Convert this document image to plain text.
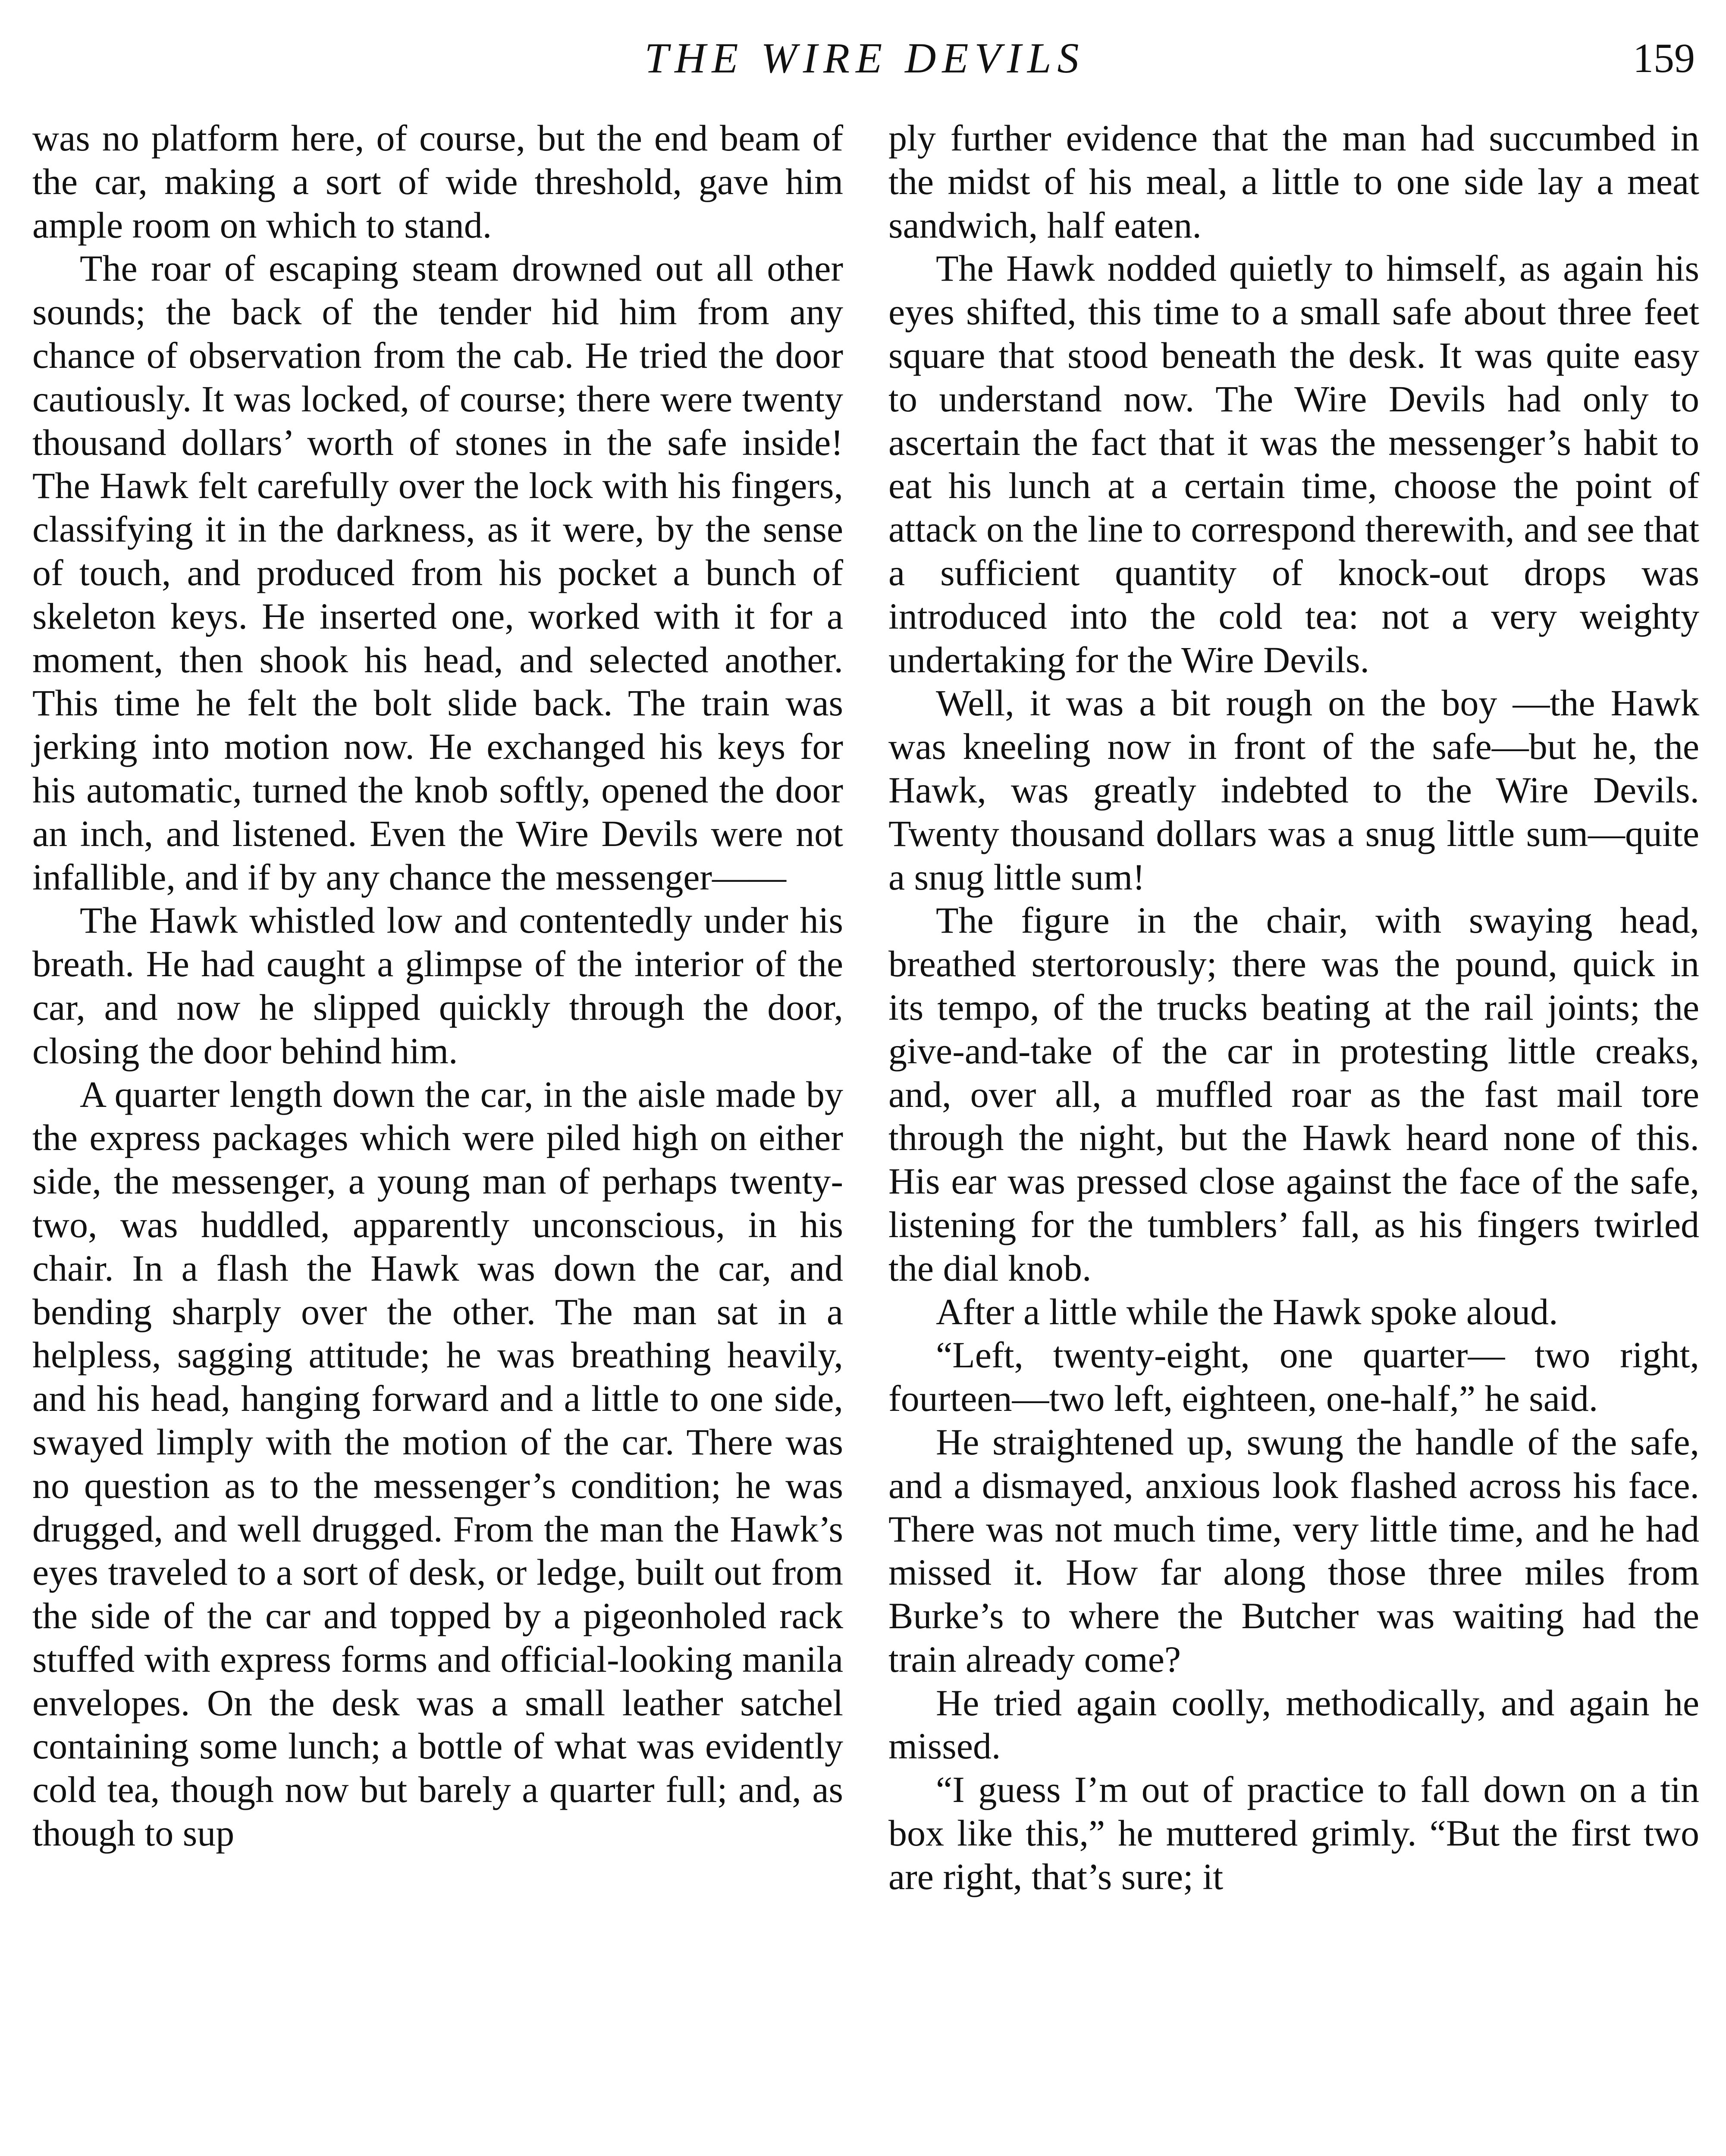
THE WIRE DEVILS	159

was no platform here, of course, but the end beam of the car, making a sort of wide threshold, gave him ample room on which to stand.

The roar of escaping steam drowned out all other sounds; the back of the tender hid him from any chance of observation from the cab. He tried the door cautiously. It was locked, of course; there were twenty thousand dollars’ worth of stones in the safe inside! The Hawk felt carefully over the lock with his fingers, classifying it in the darkness, as it were, by the sense of touch, and produced from his pocket a bunch of skeleton keys. He inserted one, worked with it for a moment, then shook his head, and selected another. This time he felt the bolt slide back. The train was jerking into motion now. He exchanged his keys for his automatic, turned the knob softly, opened the door an inch, and listened. Even the Wire Devils were not infallible, and if by any chance the messenger——

The Hawk whistled low and contentedly under his breath. He had caught a glimpse of the interior of the car, and now he slipped quickly through the door, closing the door behind him.

A quarter length down the car, in the aisle made by the express packages which were piled high on either side, the messenger, a young man of perhaps twenty-two, was huddled, apparently unconscious, in his chair. In a flash the Hawk was down the car, and bending sharply over the other. The man sat in a helpless, sagging attitude; he was breathing heavily, and his head, hanging forward and a little to one side, swayed limply with the motion of the car. There was no question as to the messenger’s condition; he was drugged, and well drugged. From the man the Hawk’s eyes traveled to a sort of desk, or ledge, built out from the side of the car and topped by a pigeonholed rack stuffed with express forms and official-looking manila envelopes. On the desk was a small leather satchel containing some lunch; a bottle of what was evidently cold tea, though now but barely a quarter full; and, as though to sup

ply further evidence that the man had succumbed in the midst of his meal, a little to one side lay a meat sandwich, half eaten.

The Hawk nodded quietly to himself, as again his eyes shifted, this time to a small safe about three feet square that stood beneath the desk. It was quite easy to understand now. The Wire Devils had only to ascertain the fact that it was the messenger’s habit to eat his lunch at a certain time, choose the point of attack on the line to correspond therewith, and see that a sufficient quantity of knock-out drops was introduced into the cold tea: not a very weighty undertaking for the Wire Devils.

Well, it was a bit rough on the boy —the Hawk was kneeling now in front of the safe—but he, the Hawk, was greatly indebted to the Wire Devils. Twenty thousand dollars was a snug little sum—quite a snug little sum!

The figure in the chair, with swaying head, breathed stertorously; there was the pound, quick in its tempo, of the trucks beating at the rail joints; the give-and-take of the car in protesting little creaks, and, over all, a muffled roar as the fast mail tore through the night, but the Hawk heard none of this. His ear was pressed close against the face of the safe, listening for the tumblers’ fall, as his fingers twirled the dial knob.

After a little while the Hawk spoke aloud.

“Left, twenty-eight, one quarter— two right, fourteen—two left, eighteen, one-half,” he said.

He straightened up, swung the handle of the safe, and a dismayed, anxious look flashed across his face. There was not much time, very little time, and he had missed it. How far along those three miles from Burke’s to where the Butcher was waiting had the train already come?

He tried again coolly, methodically, and again he missed.

“I guess I’m out of practice to fall down on a tin box like this,” he muttered grimly. “But the first two are right, that’s sure; it
